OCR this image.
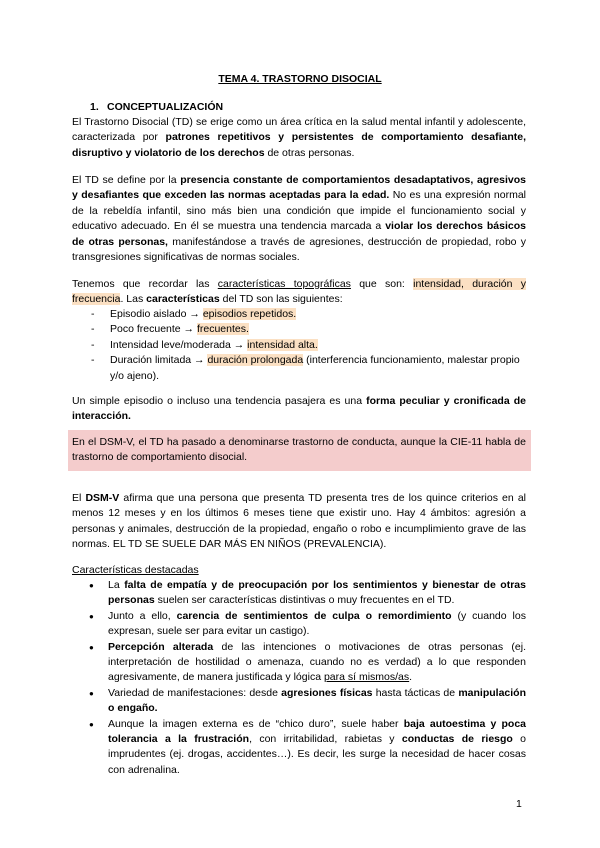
TEMA 4. TRASTORNO DISOCIAL
1. CONCEPTUALIZACIÓN
El Trastorno Disocial (TD) se erige como un área crítica en la salud mental infantil y adolescente, caracterizada por patrones repetitivos y persistentes de comportamiento desafiante, disruptivo y violatorio de los derechos de otras personas.
El TD se define por la presencia constante de comportamientos desadaptativos, agresivos y desafiantes que exceden las normas aceptadas para la edad. No es una expresión normal de la rebeldía infantil, sino más bien una condición que impide el funcionamiento social y educativo adecuado. En él se muestra una tendencia marcada a violar los derechos básicos de otras personas, manifestándose a través de agresiones, destrucción de propiedad, robo y transgresiones significativas de normas sociales.
Tenemos que recordar las características topográficas que son: intensidad, duración y frecuencia. Las características del TD son las siguientes:
- Episodio aislado → episodios repetidos.
- Poco frecuente → frecuentes.
- Intensidad leve/moderada → intensidad alta.
- Duración limitada → duración prolongada (interferencia funcionamiento, malestar propio y/o ajeno).
Un simple episodio o incluso una tendencia pasajera es una forma peculiar y cronificada de interacción.
En el DSM-V, el TD ha pasado a denominarse trastorno de conducta, aunque la CIE-11 habla de trastorno de comportamiento disocial.
El DSM-V afirma que una persona que presenta TD presenta tres de los quince criterios en al menos 12 meses y en los últimos 6 meses tiene que existir uno. Hay 4 ámbitos: agresión a personas y animales, destrucción de la propiedad, engaño o robo e incumplimiento grave de las normas. EL TD SE SUELE DAR MÁS EN NIÑOS (PREVALENCIA).
Características destacadas
● La falta de empatía y de preocupación por los sentimientos y bienestar de otras personas suelen ser características distintivas o muy frecuentes en el TD.
● Junto a ello, carencia de sentimientos de culpa o remordimiento (y cuando los expresan, suele ser para evitar un castigo).
● Percepción alterada de las intenciones o motivaciones de otras personas (ej. interpretación de hostilidad o amenaza, cuando no es verdad) a lo que responden agresivamente, de manera justificada y lógica para sí mismos/as.
● Variedad de manifestaciones: desde agresiones físicas hasta tácticas de manipulación o engaño.
● Aunque la imagen externa es de “chico duro”, suele haber baja autoestima y poca tolerancia a la frustración, con irritabilidad, rabietas y conductas de riesgo o imprudentes (ej. drogas, accidentes…). Es decir, les surge la necesidad de hacer cosas con adrenalina.
1
